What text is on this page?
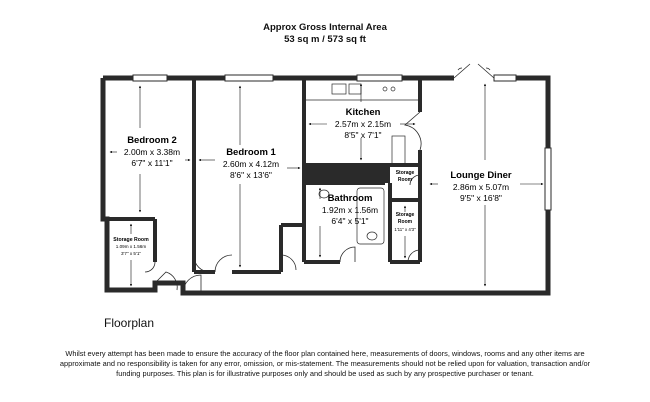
Approx Gross Internal Area
53 sq m / 573 sq ft
Bedroom 2
2.00m x 3.38m
6'7" x 11'1"
Bedroom 1
2.60m x 4.12m
8'6" x 13'6"
Kitchen
2.57m x 2.15m
8'5" x 7'1"
Bathroom
1.92m x 1.56m
6'4" x 5'1"
Lounge Diner
2.86m x 5.07m
9'5" x 16'8"
Storage Room
1.09m x 1.56m
3'7" x 5'1"
Storage
Room
1'11" x 4'3"
Storage
Room
Floorplan
Whilst every attempt has been made to ensure the accuracy of the floor plan contained here, measurements of doors, windows, rooms and any other items are approximate and no responsibility is taken for any error, omission, or mis-statement. The measurements should not be relied upon for valuation, transaction and/or funding purposes. This plan is for illustrative purposes only and should be used as such by any prospective purchaser or tenant.
